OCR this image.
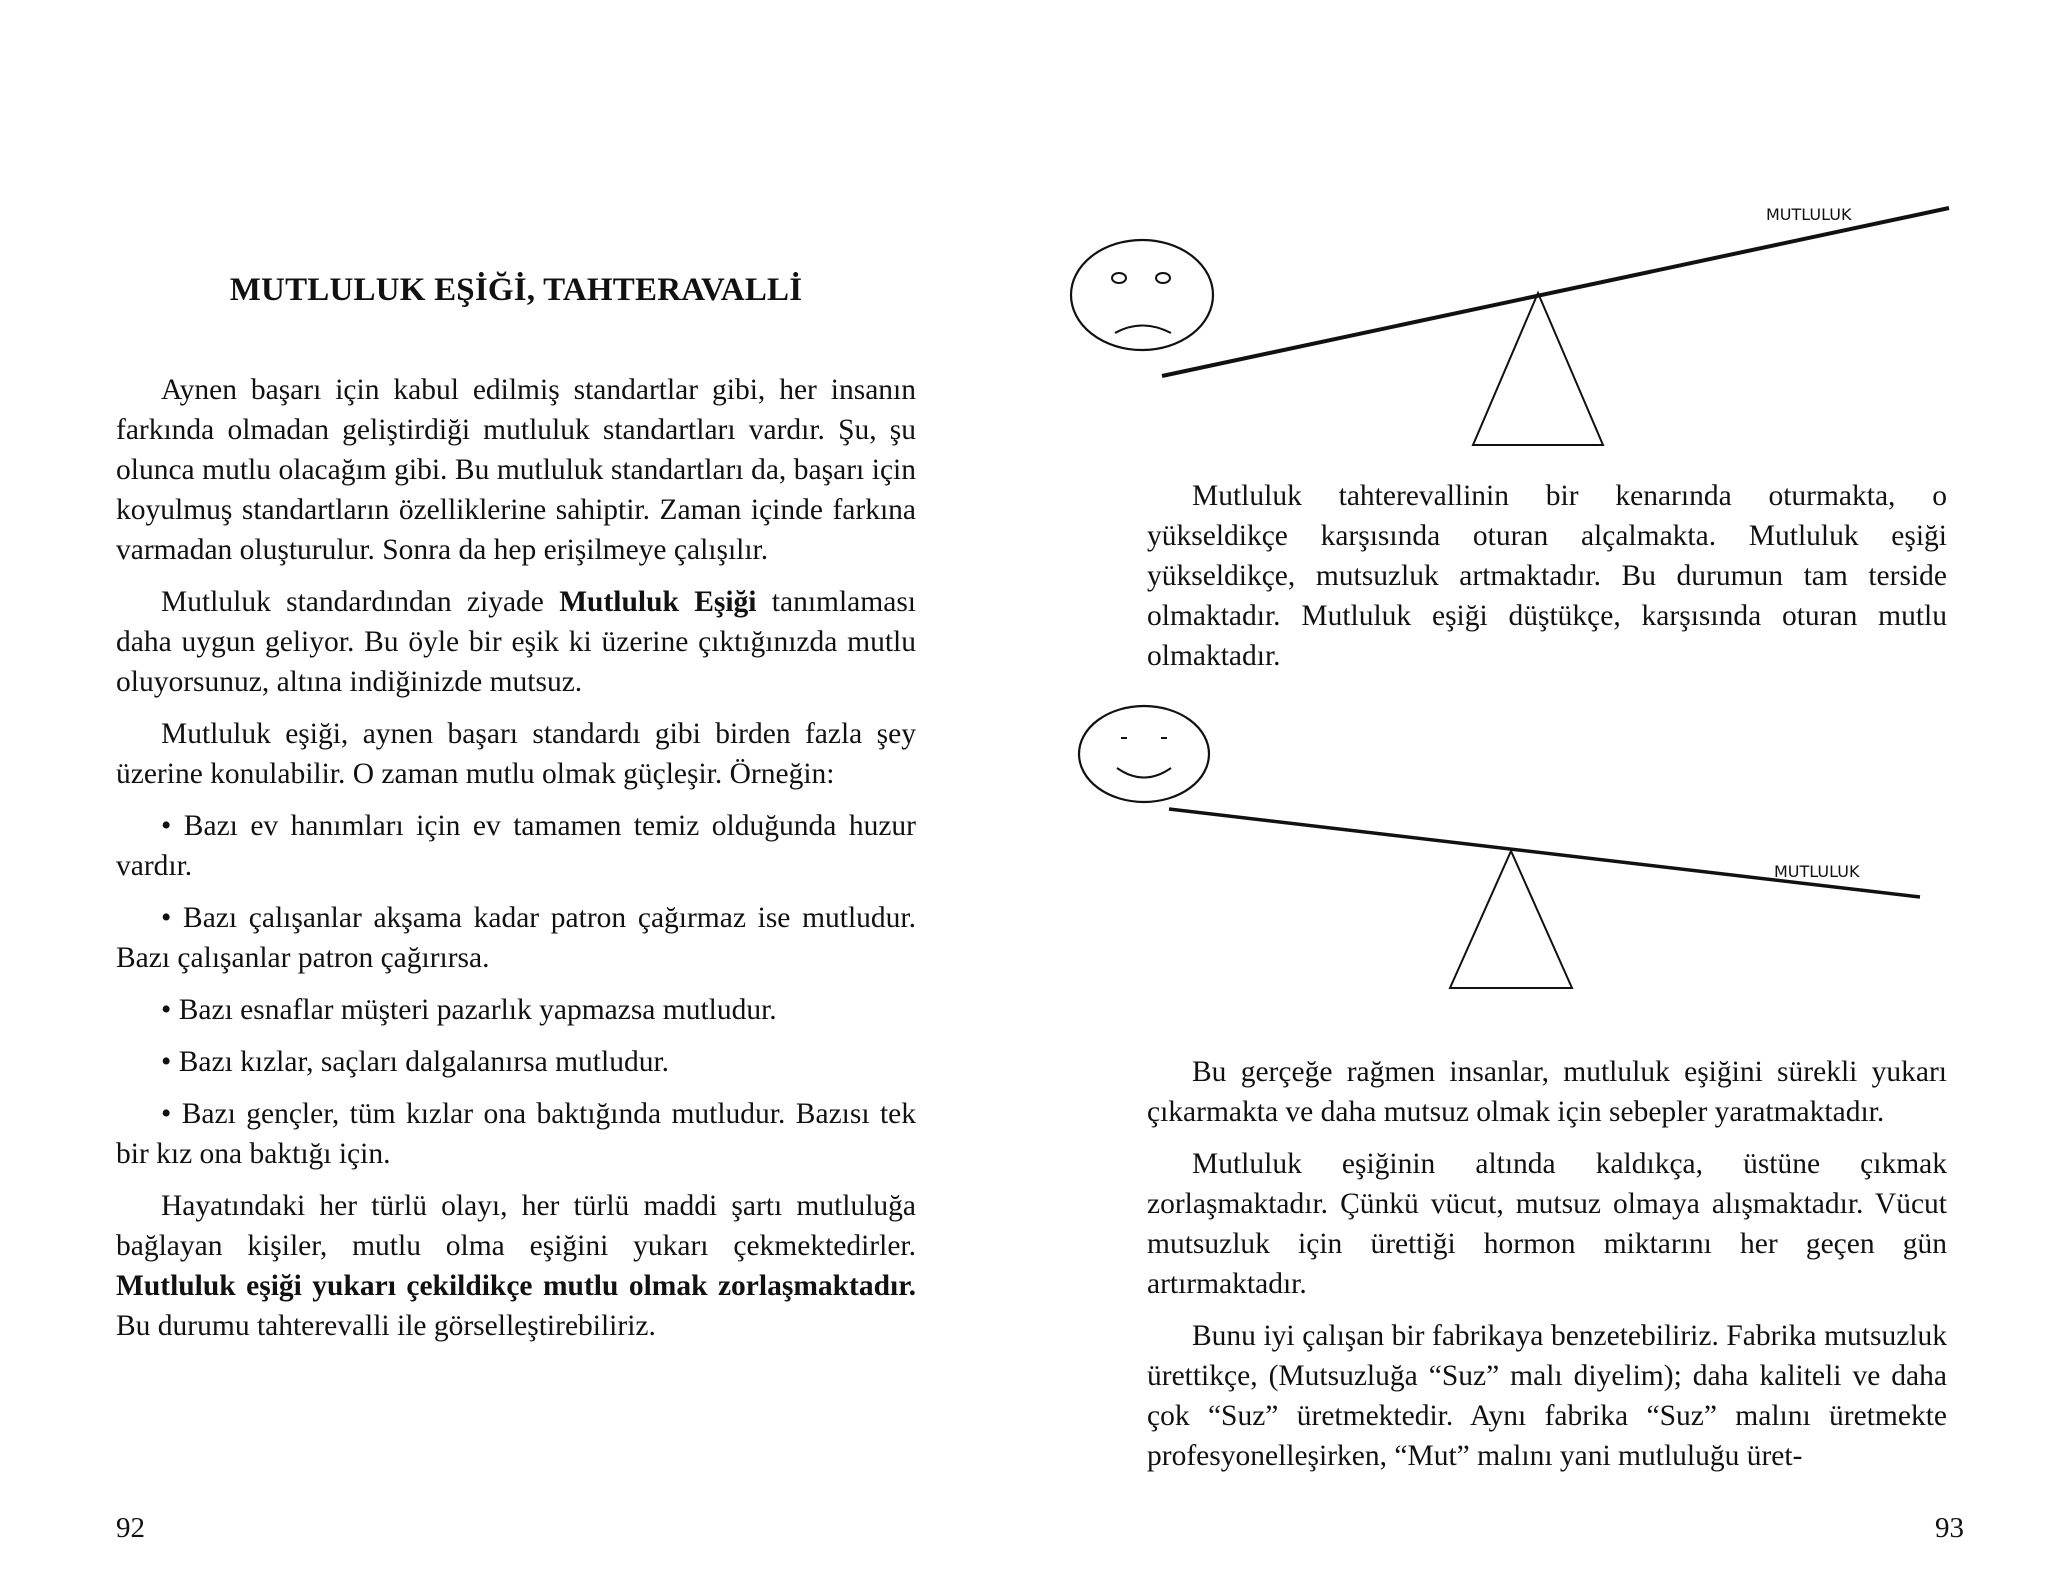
MUTLULUK EŞİĞİ, TAHTERAVALLİ

Aynen başarı için kabul edilmiş standartlar gibi, her insanın farkında olmadan geliştirdiği mutluluk standartları vardır. Şu, şu olunca mutlu olacağım gibi. Bu mutluluk standartları da, başarı için koyulmuş standartların özelliklerine sahiptir. Zaman içinde farkına varmadan oluşturulur. Sonra da hep erişilmeye çalışılır.

Mutluluk standardından ziyade Mutluluk Eşiği tanımlaması daha uygun geliyor. Bu öyle bir eşik ki üzerine çıktığınızda mutlu oluyorsunuz, altına indiğinizde mutsuz.

Mutluluk eşiği, aynen başarı standardı gibi birden fazla şey üzerine konulabilir. O zaman mutlu olmak güçleşir. Örneğin:

• Bazı ev hanımları için ev tamamen temiz olduğunda huzur vardır.

• Bazı çalışanlar akşama kadar patron çağırmaz ise mutludur. Bazı çalışanlar patron çağırırsa.

• Bazı esnaflar müşteri pazarlık yapmazsa mutludur.

• Bazı kızlar, saçları dalgalanırsa mutludur.

• Bazı gençler, tüm kızlar ona baktığında mutludur. Bazısı tek bir kız ona baktığı için.

Hayatındaki her türlü olayı, her türlü maddi şartı mutluluğa bağlayan kişiler, mutlu olma eşiğini yukarı çekmektedirler. Mutluluk eşiği yukarı çekildikçe mutlu olmak zorlaşmaktadır. Bu durumu tahterevalli ile görselleştirebiliriz.

92
MUTLULUK
MUTLULUK

Mutluluk tahterevallinin bir kenarında oturmakta, o yükseldikçe karşısında oturan alçalmakta. Mutluluk eşiği yükseldikçe, mutsuzluk artmaktadır. Bu durumun tam terside olmaktadır. Mutluluk eşiği düştükçe, karşısında oturan mutlu olmaktadır.

Bu gerçeğe rağmen insanlar, mutluluk eşiğini sürekli yukarı çıkarmakta ve daha mutsuz olmak için sebepler yaratmaktadır.

Mutluluk eşiğinin altında kaldıkça, üstüne çıkmak zorlaşmaktadır. Çünkü vücut, mutsuz olmaya alışmaktadır. Vücut mutsuzluk için ürettiği hormon miktarını her geçen gün artırmaktadır.

Bunu iyi çalışan bir fabrikaya benzetebiliriz. Fabrika mutsuzluk ürettikçe, (Mutsuzluğa “Suz” malı diyelim); daha kaliteli ve daha çok “Suz” üretmektedir. Aynı fabrika “Suz” malını üretmekte profesyonelleşirken, “Mut” malını yani mutluluğu üret-

93
